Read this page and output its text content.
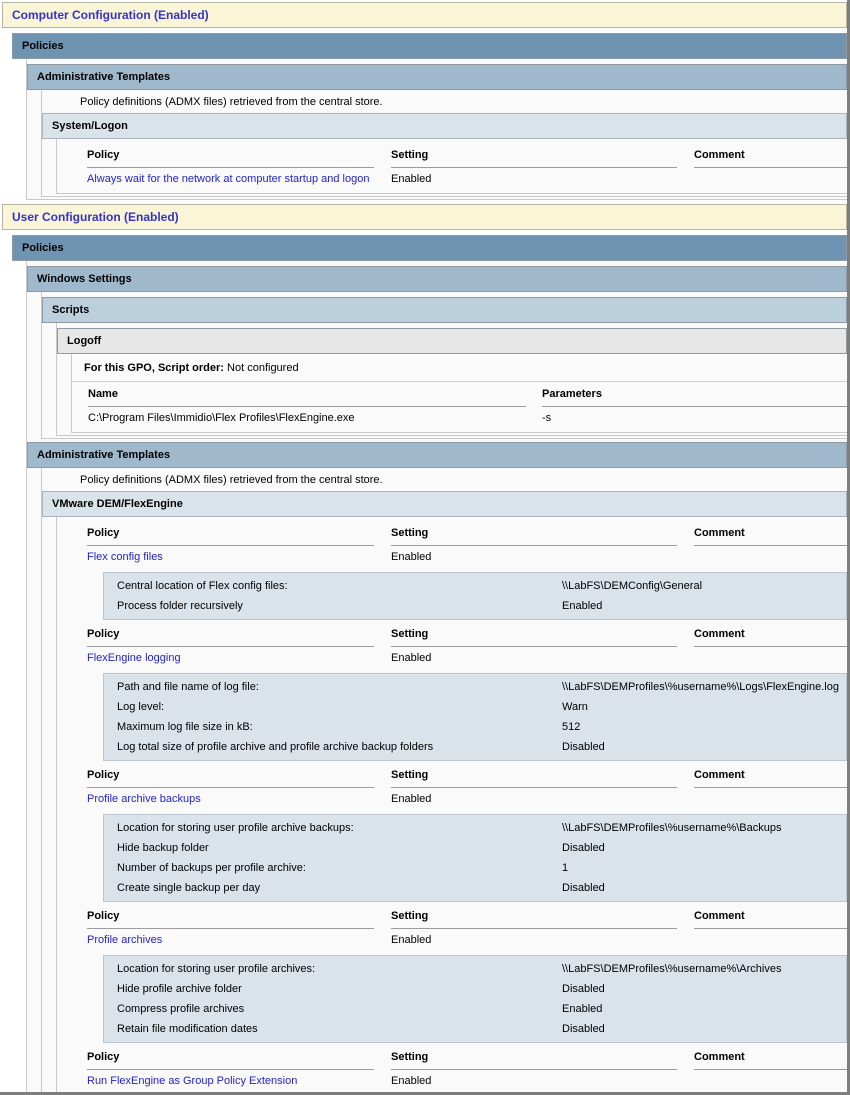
Computer Configuration (Enabled)
Policies
Administrative Templates
Policy definitions (ADMX files) retrieved from the central store.
System/Logon
Policy	Setting	Comment
Always wait for the network at computer startup and logon	Enabled
User Configuration (Enabled)
Policies
Windows Settings
Scripts
Logoff
For this GPO, Script order: Not configured
Name	Parameters
C:\Program Files\Immidio\Flex Profiles\FlexEngine.exe	-s
Administrative Templates
Policy definitions (ADMX files) retrieved from the central store.
VMware DEM/FlexEngine
Policy	Setting	Comment
Flex config files	Enabled
Central location of Flex config files:	\\LabFS\DEMConfig\General
Process folder recursively	Enabled
Policy	Setting	Comment
FlexEngine logging	Enabled
Path and file name of log file:	\\LabFS\DEMProfiles\%username%\Logs\FlexEngine.log
Log level:	Warn
Maximum log file size in kB:	512
Log total size of profile archive and profile archive backup folders	Disabled
Policy	Setting	Comment
Profile archive backups	Enabled
Location for storing user profile archive backups:	\\LabFS\DEMProfiles\%username%\Backups
Hide backup folder	Disabled
Number of backups per profile archive:	1
Create single backup per day	Disabled
Policy	Setting	Comment
Profile archives	Enabled
Location for storing user profile archives:	\\LabFS\DEMProfiles\%username%\Archives
Hide profile archive folder	Disabled
Compress profile archives	Enabled
Retain file modification dates	Disabled
Policy	Setting	Comment
Run FlexEngine as Group Policy Extension	Enabled
